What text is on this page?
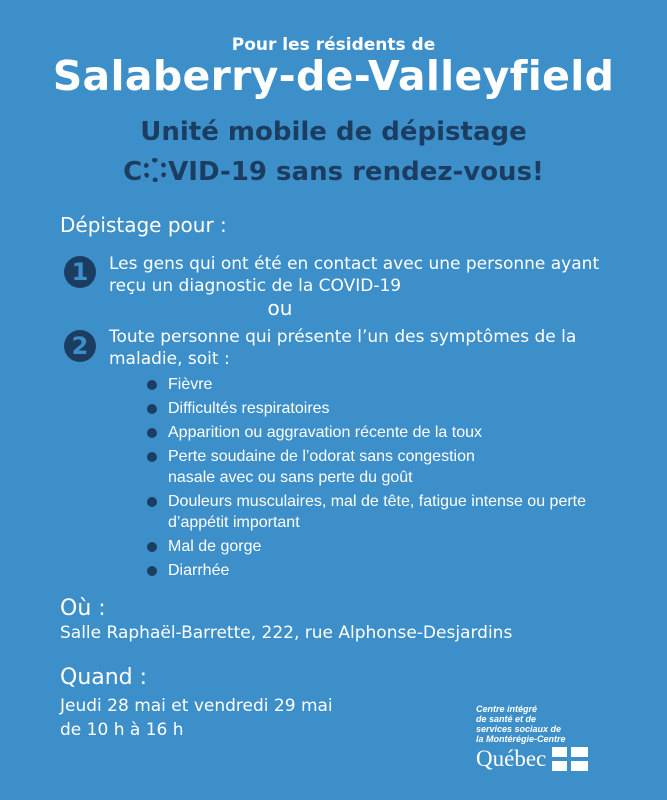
Pour les résidents de
Salaberry-de-Valleyfield
Unité mobile de dépistage
C VID-19 sans rendez-vous!
Dépistage pour :
1	Les gens qui ont été en contact avec une personne ayant reçu un diagnostic de la COVID-19
ou
2	Toute personne qui présente l’un des symptômes de la maladie, soit :
Fièvre
Difficultés respiratoires
Apparition ou aggravation récente de la toux
Perte soudaine de l’odorat sans congestion nasale avec ou sans perte du goût
Douleurs musculaires, mal de tête, fatigue intense ou perte d’appétit important
Mal de gorge
Diarrhée
Où :
Salle Raphaël-Barrette, 222, rue Alphonse-Desjardins
Quand :
Jeudi 28 mai et vendredi 29 mai
de 10 h à 16 h
Centre intégré
de santé et de
services sociaux de
la Montérégie-Centre
Québec
